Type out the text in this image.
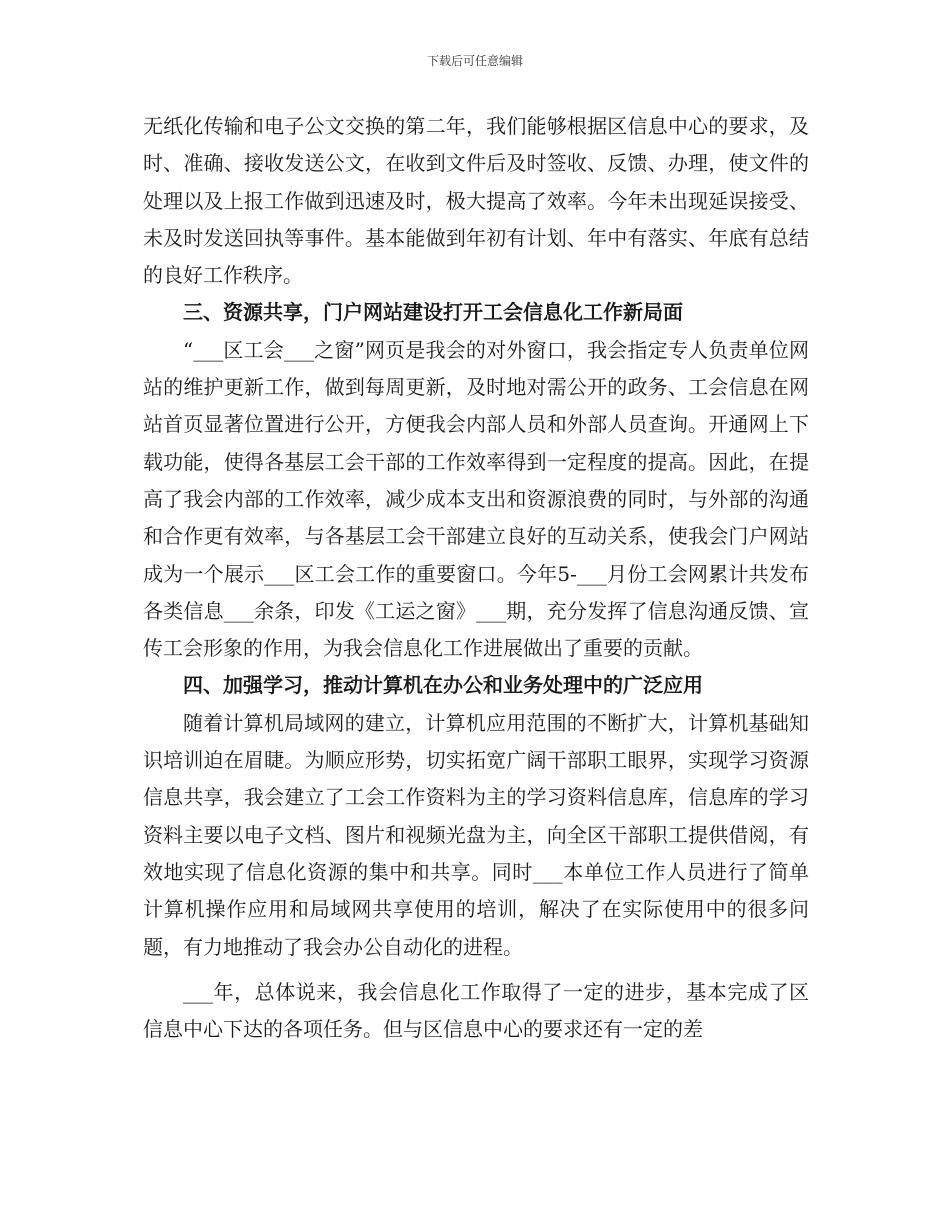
下载后可任意编辑

无纸化传输和电子公文交换的第二年，我们能够根据区信息中心的要求，及时、准确、接收发送公文，在收到文件后及时签收、反馈、办理，使文件的处理以及上报工作做到迅速及时，极大提高了效率。今年未出现延误接受、未及时发送回执等事件。基本能做到年初有计划、年中有落实、年底有总结的良好工作秩序。

三、资源共享，门户网站建设打开工会信息化工作新局面

“___区工会___之窗”网页是我会的对外窗口，我会指定专人负责单位网站的维护更新工作，做到每周更新，及时地对需公开的政务、工会信息在网站首页显著位置进行公开，方便我会内部人员和外部人员查询。开通网上下载功能，使得各基层工会干部的工作效率得到一定程度的提高。因此，在提高了我会内部的工作效率，减少成本支出和资源浪费的同时，与外部的沟通和合作更有效率，与各基层工会干部建立良好的互动关系，使我会门户网站成为一个展示___区工会工作的重要窗口。今年5-___月份工会网累计共发布各类信息___余条，印发《工运之窗》___期，充分发挥了信息沟通反馈、宣传工会形象的作用，为我会信息化工作进展做出了重要的贡献。

四、加强学习，推动计算机在办公和业务处理中的广泛应用

随着计算机局域网的建立，计算机应用范围的不断扩大，计算机基础知识培训迫在眉睫。为顺应形势，切实拓宽广阔干部职工眼界，实现学习资源信息共享，我会建立了工会工作资料为主的学习资料信息库，信息库的学习资料主要以电子文档、图片和视频光盘为主，向全区干部职工提供借阅，有效地实现了信息化资源的集中和共享。同时___本单位工作人员进行了简单计算机操作应用和局域网共享使用的培训，解决了在实际使用中的很多问题，有力地推动了我会办公自动化的进程。

___年，总体说来，我会信息化工作取得了一定的进步，基本完成了区信息中心下达的各项任务。但与区信息中心的要求还有一定的差
